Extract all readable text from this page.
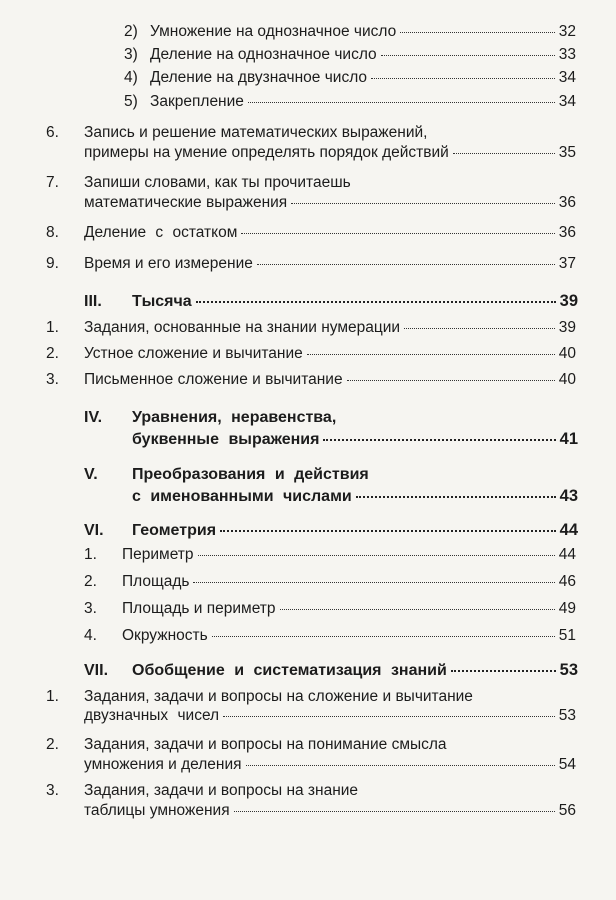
2) Умножение на однозначное число	32
3) Деление на однозначное число	33
4) Деление на двузначное число	34
5) Закрепление	34
6. Запись и решение математических выражений,
примеры на умение определять порядок действий	35
7. Запиши словами, как ты прочитаешь
математические выражения	36
8. Деление с остатком	36
9. Время и его измерение	37
III. Тысяча	39
1. Задания, основанные на знании нумерации	39
2. Устное сложение и вычитание	40
3. Письменное сложение и вычитание	40
IV. Уравнения, неравенства,
буквенные выражения	41
V. Преобразования и действия
с именованными числами	43
VI. Геометрия	44
1. Периметр	44
2. Площадь	46
3. Площадь и периметр	49
4. Окружность	51
VII. Обобщение и систематизация знаний	53
1. Задания, задачи и вопросы на сложение и вычитание
двузначных чисел	53
2. Задания, задачи и вопросы на понимание смысла
умножения и деления	54
3. Задания, задачи и вопросы на знание
таблицы умножения	56
